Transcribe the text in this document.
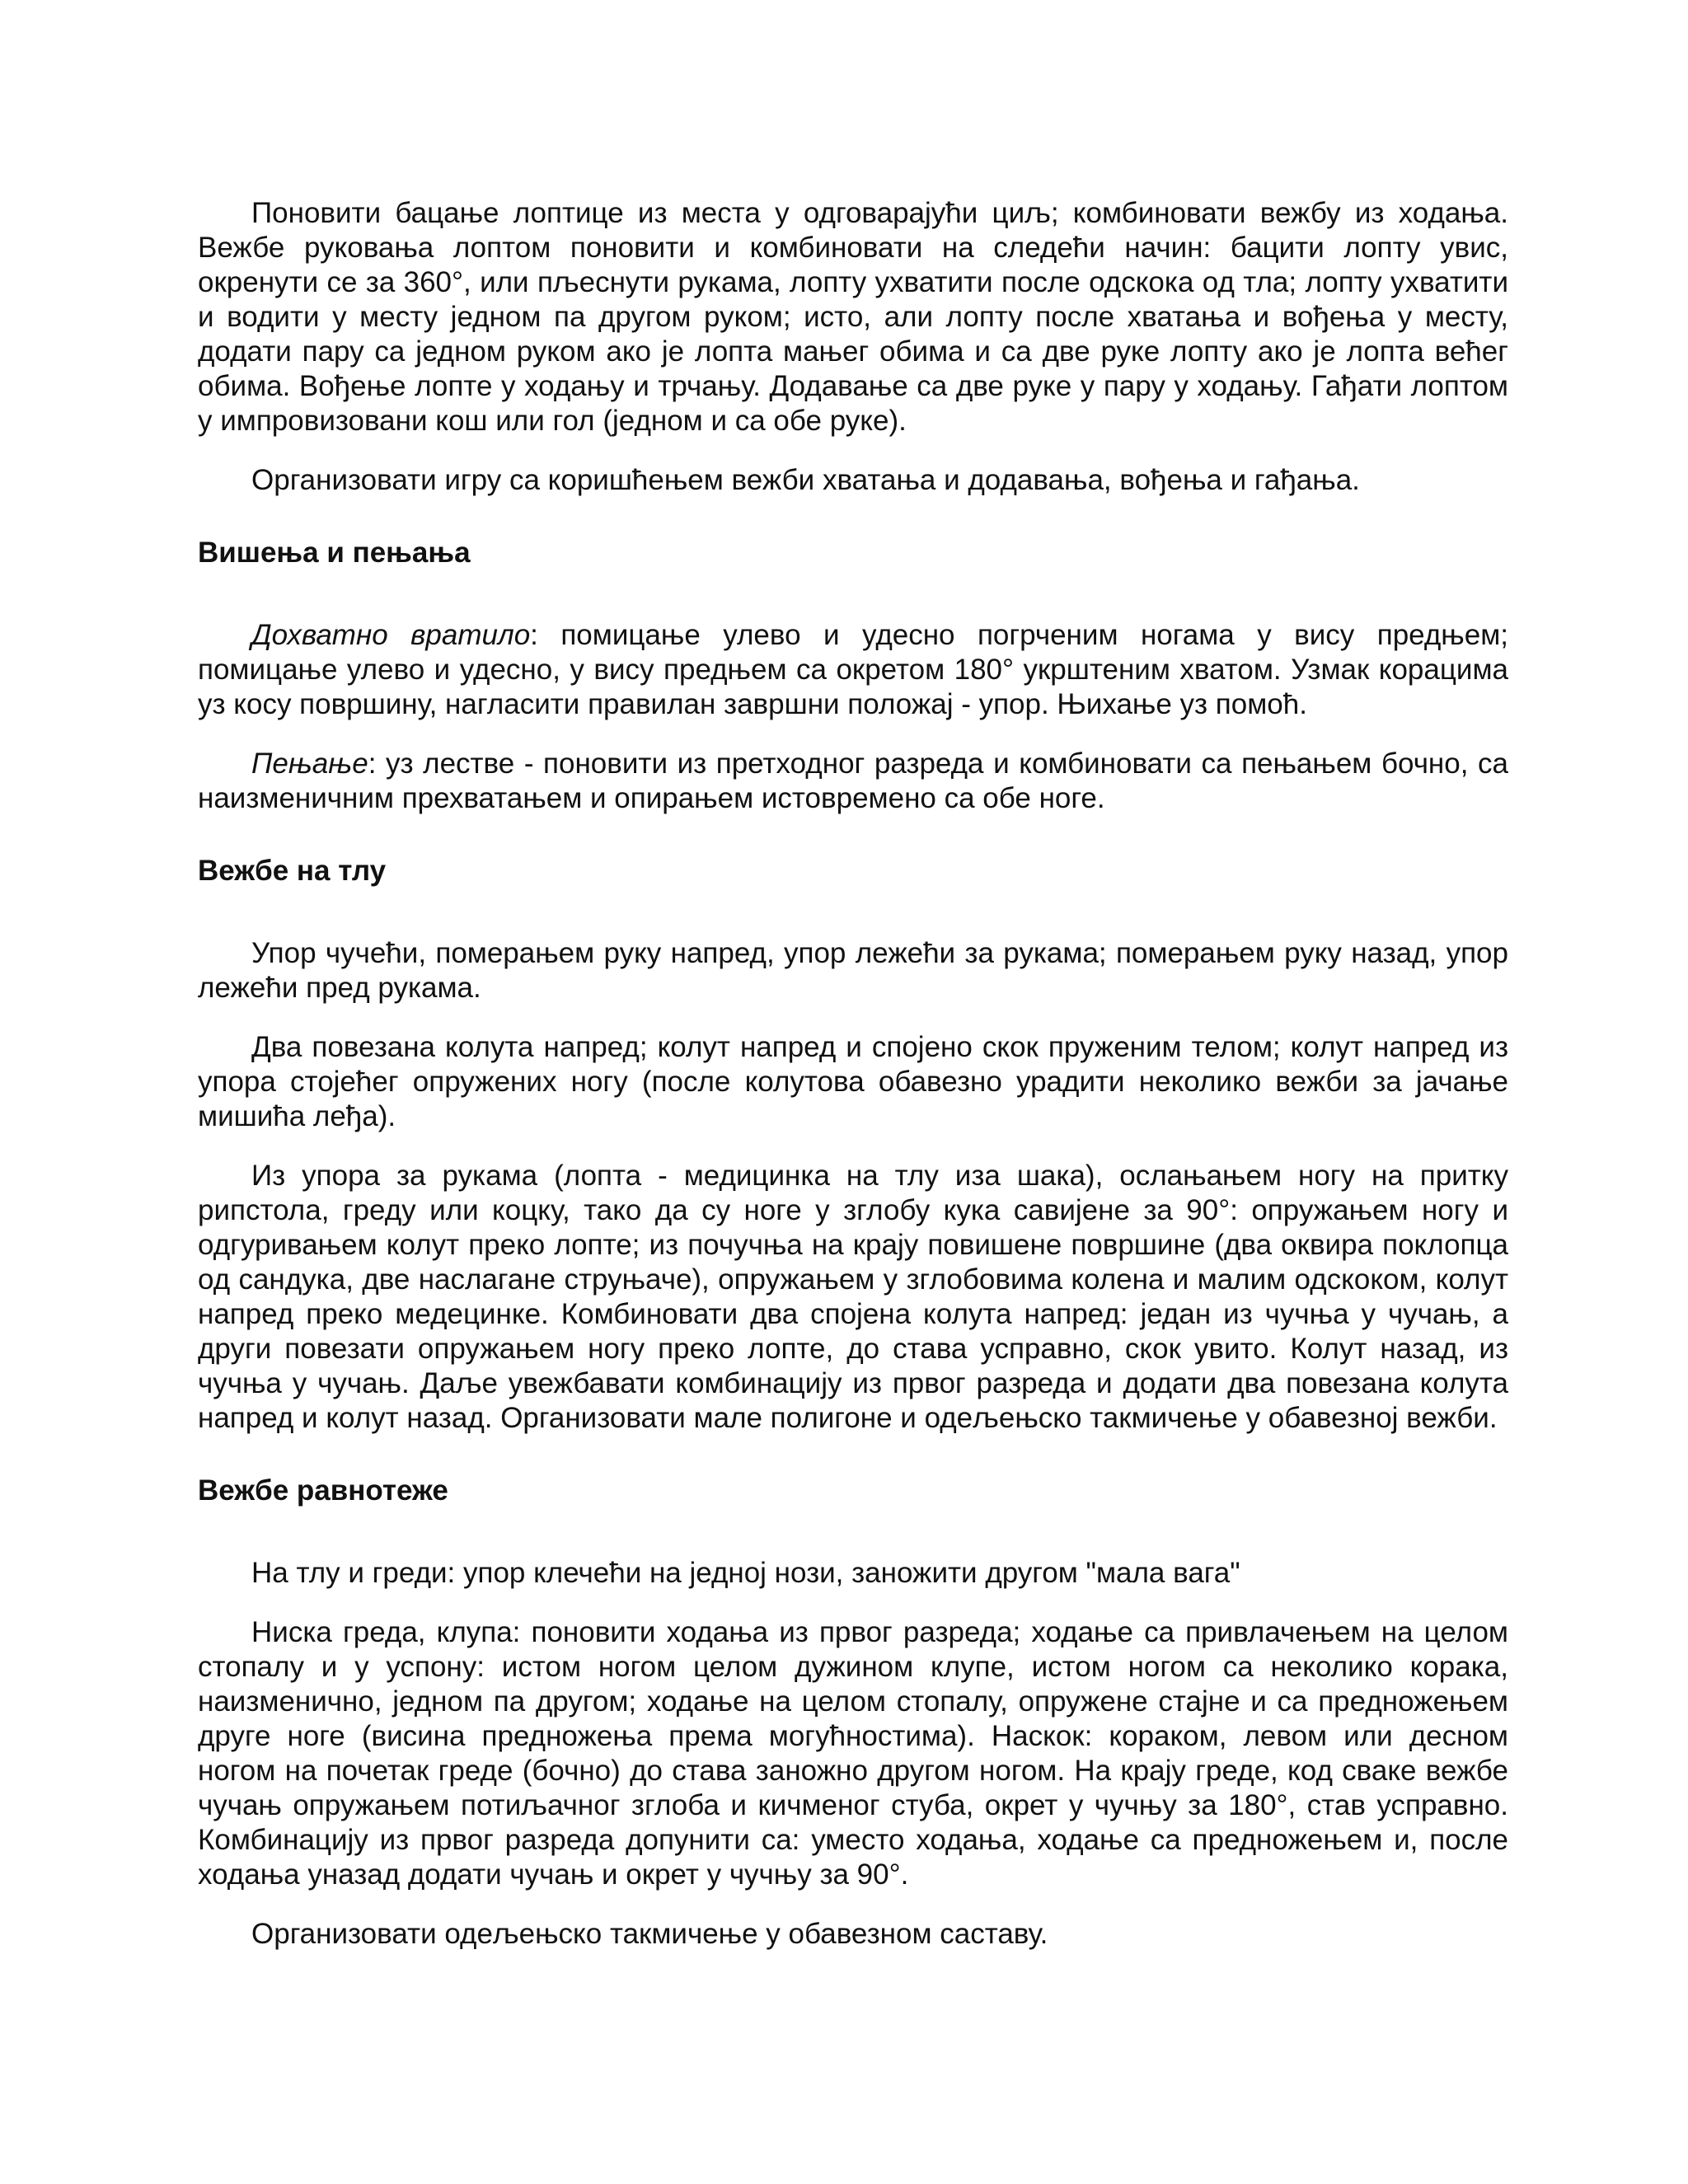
Поновити бацање лоптице из места у одговарајући циљ; комбиновати вежбу из ходања. Вежбе руковања лоптом поновити и комбиновати на следећи начин: бацити лопту увис, окренути се за 360°, или пљеснути рукама, лопту ухватити после одскока од тла; лопту ухватити и водити у месту једном па другом руком; исто, али лопту после хватања и вођења у месту, додати пару са једном руком ако је лопта мањег обима и са две руке лопту ако је лопта већег обима. Вођење лопте у ходању и трчању. Додавање са две руке у пару у ходању. Гађати лоптом у импровизовани кош или гол (једном и са обе руке).

Организовати игру са коришћењем вежби хватања и додавања, вођења и гађања.

Вишења и пењања

Дохватно вратило: помицање улево и удесно погрченим ногама у вису предњем; помицање улево и удесно, у вису предњем са окретом 180° укрштеним хватом. Узмак корацима уз косу површину, нагласити правилан завршни положај - упор. Њихање уз помоћ.

Пењање: уз лестве - поновити из претходног разреда и комбиновати са пењањем бочно, са наизменичним прехватањем и опирањем истовремено са обе ноге.

Вежбе на тлу

Упор чучећи, померањем руку напред, упор лежећи за рукама; померањем руку назад, упор лежећи пред рукама.

Два повезана колута напред; колут напред и спојено скок пруженим телом; колут напред из упора стојећег опружених ногу (после колутова обавезно урадити неколико вежби за јачање мишића леђа).

Из упора за рукама (лопта - медицинка на тлу иза шака), ослањањем ногу на притку рипстола, греду или коцку, тако да су ноге у зглобу кука савијене за 90°: опружањем ногу и одгуривањем колут преко лопте; из почучња на крају повишене површине (два оквира поклопца од сандука, две наслагане струњаче), опружањем у зглобовима колена и малим одскоком, колут напред преко медецинке. Комбиновати два спојена колута напред: један из чучња у чучањ, а други повезати опружањем ногу преко лопте, до става усправно, скок увито. Колут назад, из чучња у чучањ. Даље увежбавати комбинацију из првог разреда и додати два повезана колута напред и колут назад. Организовати мале полигоне и одељењско такмичење у обавезној вежби.

Вежбе равнотеже

На тлу и греди: упор клечећи на једној нози, заножити другом "мала вага"

Ниска греда, клупа: поновити ходања из првог разреда; ходање са привлачењем на целом стопалу и у успону: истом ногом целом дужином клупе, истом ногом са неколико корака, наизменично, једном па другом; ходање на целом стопалу, опружене стајне и са предножењем друге ноге (висина предножења према могућностима). Наскок: кораком, левом или десном ногом на почетак греде (бочно) до става заножно другом ногом. На крају греде, код сваке вежбе чучањ опружањем потиљачног зглоба и кичменог стуба, окрет у чучњу за 180°, став усправно. Комбинацију из првог разреда допунити са: уместо ходања, ходање са предножењем и, после ходања уназад додати чучањ и окрет у чучњу за 90°.

Организовати одељењско такмичење у обавезном саставу.
